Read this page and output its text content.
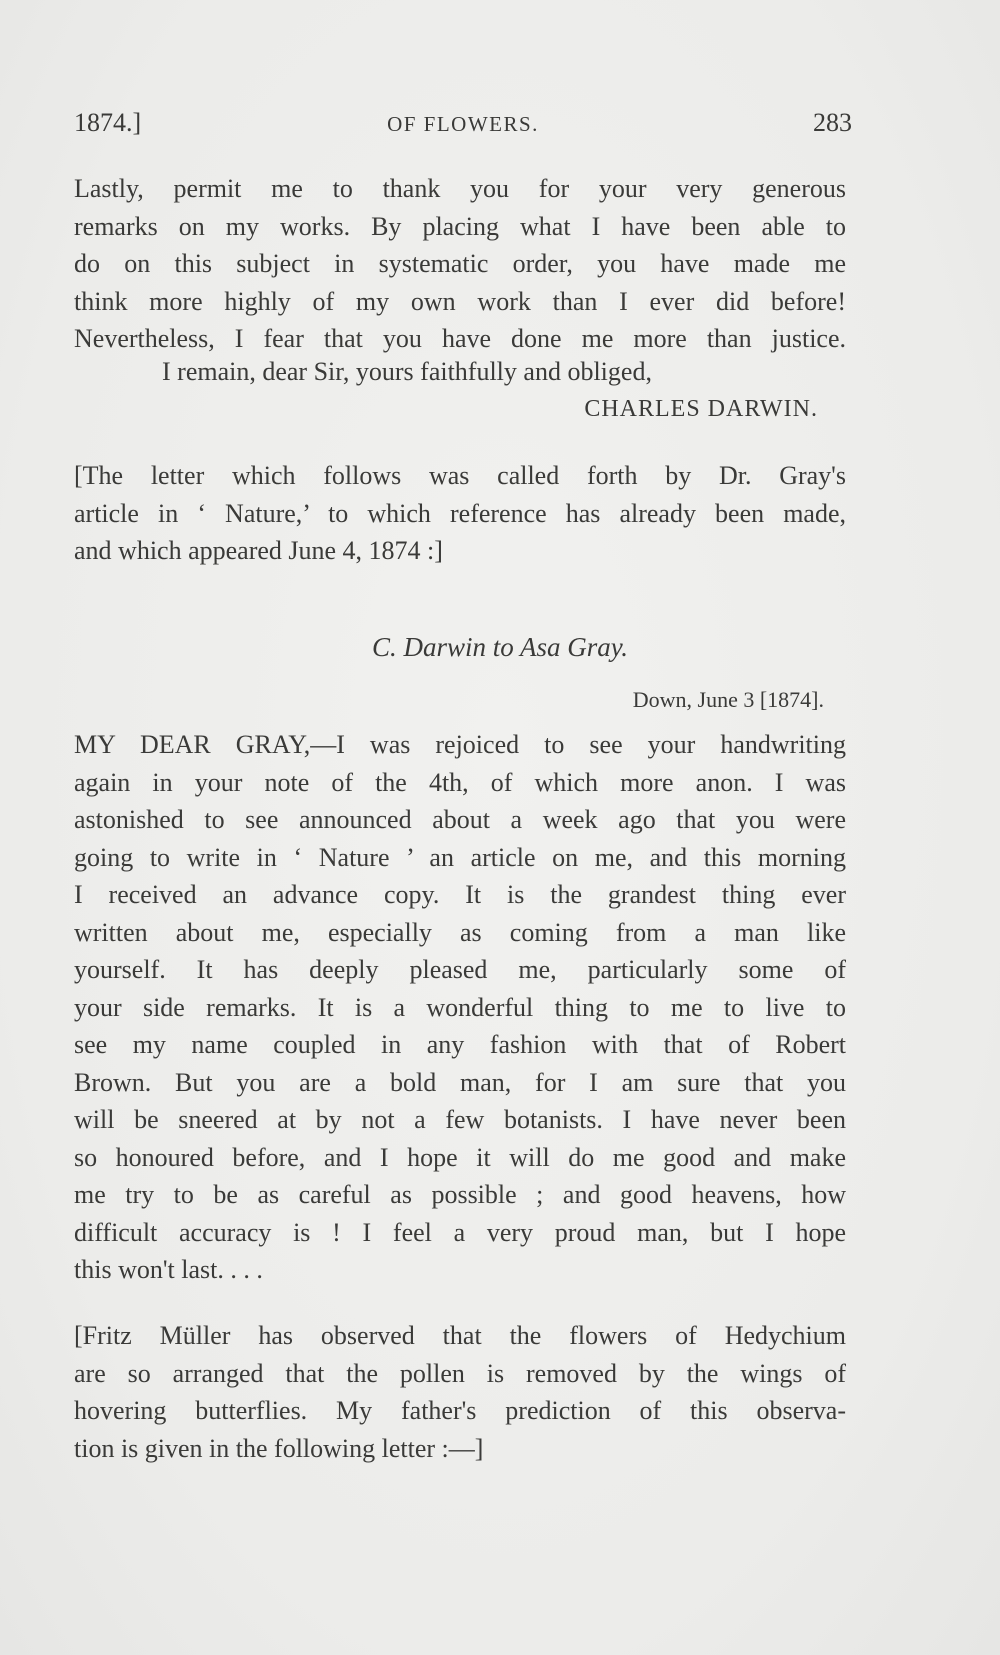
1874.]	OF FLOWERS.	283
Lastly, permit me to thank you for your very generous
remarks on my works. By placing what I have been able to
do on this subject in systematic order, you have made me
think more highly of my own work than I ever did before!
Nevertheless, I fear that you have done me more than justice.
I remain, dear Sir, yours faithfully and obliged,
CHARLES DARWIN.
[The letter which follows was called forth by Dr. Gray's
article in ‘ Nature,’ to which reference has already been made,
and which appeared June 4, 1874 :]
C. Darwin to Asa Gray.
Down, June 3 [1874].
MY DEAR GRAY,—I was rejoiced to see your handwriting
again in your note of the 4th, of which more anon. I was
astonished to see announced about a week ago that you were
going to write in ‘ Nature ’ an article on me, and this morning
I received an advance copy. It is the grandest thing ever
written about me, especially as coming from a man like
yourself. It has deeply pleased me, particularly some of
your side remarks. It is a wonderful thing to me to live to
see my name coupled in any fashion with that of Robert
Brown. But you are a bold man, for I am sure that you
will be sneered at by not a few botanists. I have never been
so honoured before, and I hope it will do me good and make
me try to be as careful as possible ; and good heavens, how
difficult accuracy is ! I feel a very proud man, but I hope
this won't last. . . .
[Fritz Müller has observed that the flowers of Hedychium
are so arranged that the pollen is removed by the wings of
hovering butterflies. My father's prediction of this observa-
tion is given in the following letter :—]
